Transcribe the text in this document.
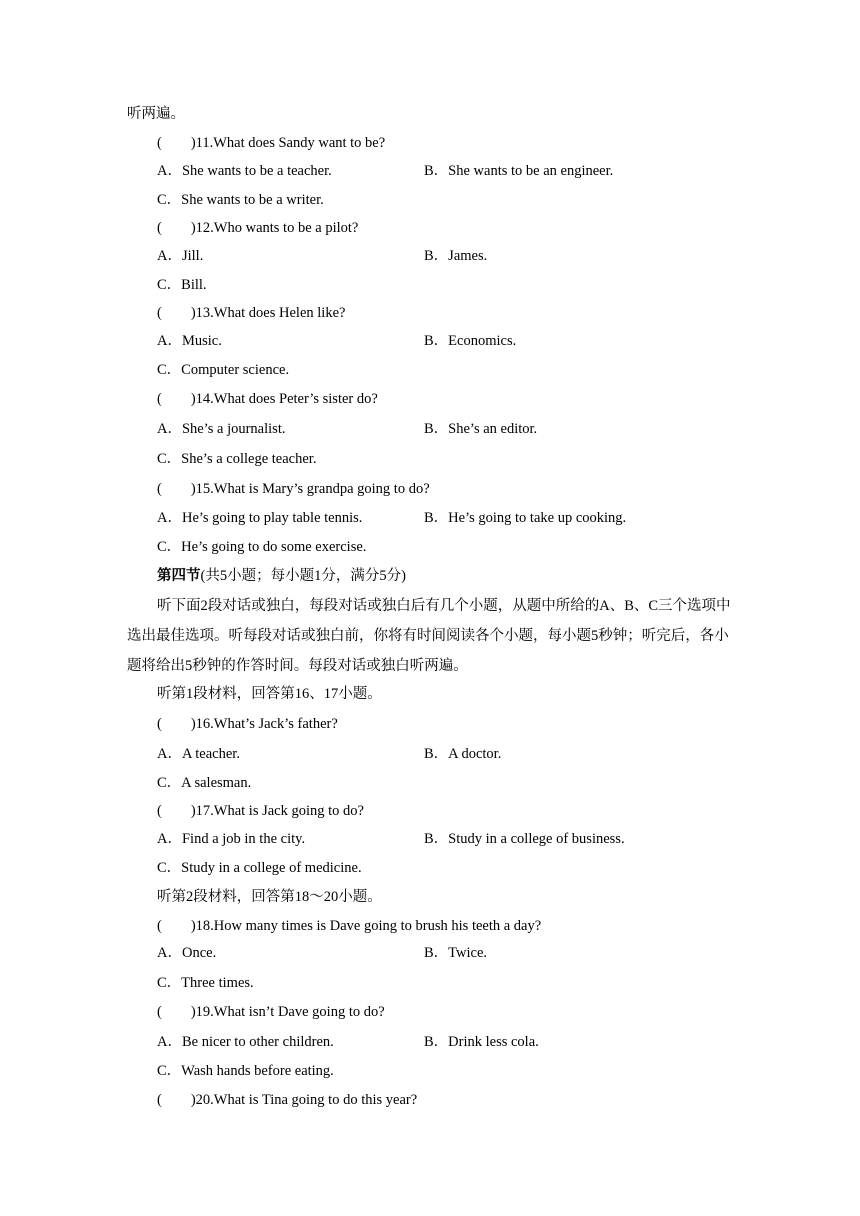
听两遍。
(　　)11.What does Sandy want to be?
A．She wants to be a teacher.	B．She wants to be an engineer.
C．She wants to be a writer.
(　　)12.Who wants to be a pilot?
A．Jill.	B．James.
C．Bill.
(　　)13.What does Helen like?
A．Music.	B．Economics.
C．Computer science.
(　　)14.What does Peter’s sister do?
A．She’s a journalist.	B．She’s an editor.
C．She’s a college teacher.
(　　)15.What is Mary’s grandpa going to do?
A．He’s going to play table tennis.	B．He’s going to take up cooking.
C．He’s going to do some exercise.
第四节(共5小题；每小题1分，满分5分)
听下面2段对话或独白，每段对话或独白后有几个小题，从题中所给的A、B、C三个选项中选出最佳选项。听每段对话或独白前，你将有时间阅读各个小题，每小题5秒钟；听完后，各小题将给出5秒钟的作答时间。每段对话或独白听两遍。
听第1段材料，回答第16、17小题。
(　　)16.What’s Jack’s father?
A．A teacher.	B．A doctor.
C．A salesman.
(　　)17.What is Jack going to do?
A．Find a job in the city.	B．Study in a college of business.
C．Study in a college of medicine.
听第2段材料，回答第18～20小题。
(　　)18.How many times is Dave going to brush his teeth a day?
A．Once.	B．Twice.
C．Three times.
(　　)19.What isn’t Dave going to do?
A．Be nicer to other children.	B．Drink less cola.
C．Wash hands before eating.
(　　)20.What is Tina going to do this year?
